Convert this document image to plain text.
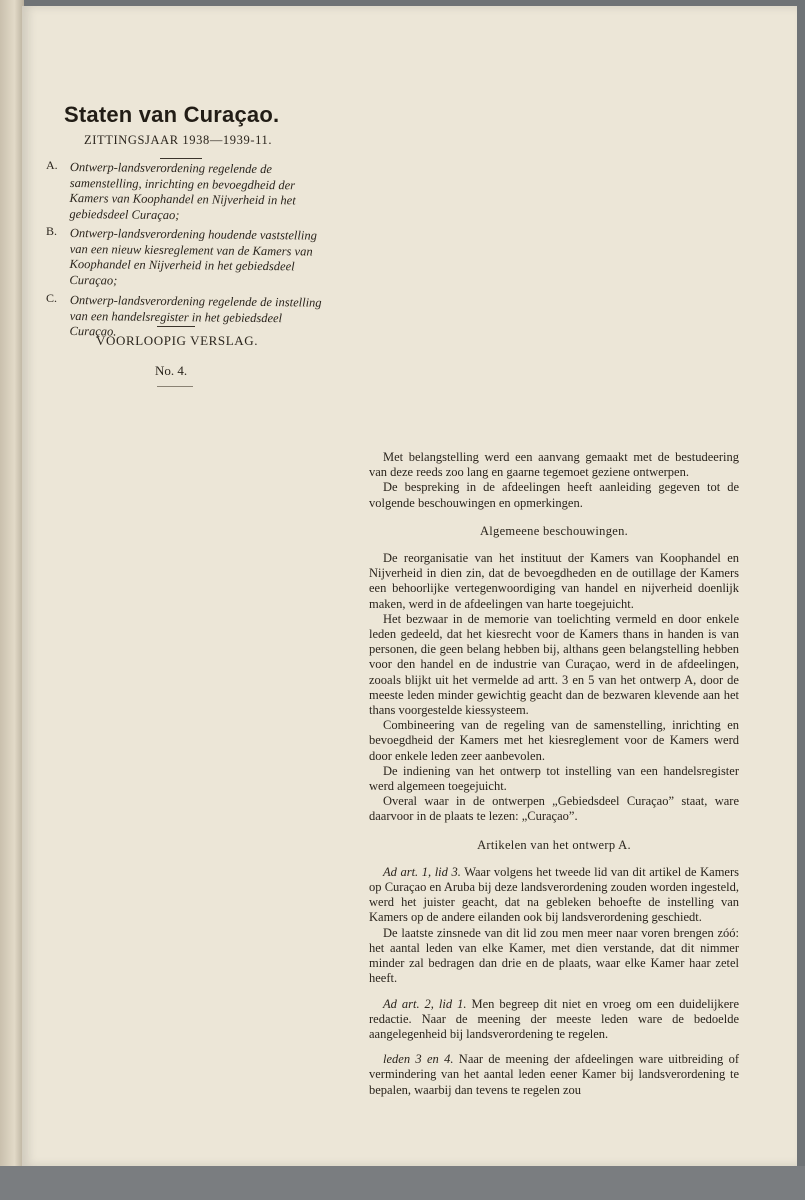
Staten van Curaçao.
ZITTINGSJAAR 1938—1939-11.
A. Ontwerp-landsverordening regelende de samenstelling, inrichting en bevoegdheid der Kamers van Koophandel en Nijverheid in het gebiedsdeel Curaçao;
B. Ontwerp-landsverordening houdende vaststelling van een nieuw kiesreglement van de Kamers van Koophandel en Nijverheid in het gebiedsdeel Curaçao;
C. Ontwerp-landsverordening regelende de instelling van een handelsregister in het gebiedsdeel Curaçao.
VOORLOOPIG VERSLAG.
No. 4.

Met belangstelling werd een aanvang gemaakt met de bestudeering van deze reeds zoo lang en gaarne tegemoet geziene ontwerpen.

De bespreking in de afdeelingen heeft aanleiding gegeven tot de volgende beschouwingen en opmerkingen.

Algemeene beschouwingen.

De reorganisatie van het instituut der Kamers van Koophandel en Nijverheid in dien zin, dat de bevoegdheden en de outillage der Kamers een behoorlijke vertegenwoordiging van handel en nijverheid doenlijk maken, werd in de afdeelingen van harte toegejuicht.

Het bezwaar in de memorie van toelichting vermeld en door enkele leden gedeeld, dat het kiesrecht voor de Kamers thans in handen is van personen, die geen belang hebben bij, althans geen belangstelling hebben voor den handel en de industrie van Curaçao, werd in de afdeelingen, zooals blijkt uit het vermelde ad artt. 3 en 5 van het ontwerp A, door de meeste leden minder gewichtig geacht dan de bezwaren klevende aan het thans voorgestelde kiessysteem.

Combineering van de regeling van de samenstelling, inrichting en bevoegdheid der Kamers met het kiesreglement voor de Kamers werd door enkele leden zeer aanbevolen.

De indiening van het ontwerp tot instelling van een handelsregister werd algemeen toegejuicht.

Overal waar in de ontwerpen „Gebiedsdeel Curaçao” staat, ware daarvoor in de plaats te lezen: „Curaçao”.

Artikelen van het ontwerp A.

Ad art. 1, lid 3. Waar volgens het tweede lid van dit artikel de Kamers op Curaçao en Aruba bij deze landsverordening zouden worden ingesteld, werd het juister geacht, dat na gebleken behoefte de instelling van Kamers op de andere eilanden ook bij landsverordening geschiedt.

De laatste zinsnede van dit lid zou men meer naar voren brengen zóó: het aantal leden van elke Kamer, met dien verstande, dat dit nimmer minder zal bedragen dan drie en de plaats, waar elke Kamer haar zetel heeft.

Ad art. 2, lid 1. Men begreep dit niet en vroeg om een duidelijkere redactie. Naar de meening der meeste leden ware de bedoelde aangelegenheid bij landsverordening te regelen.

leden 3 en 4. Naar de meening der afdeelingen ware uitbreiding of vermindering van het aantal leden eener Kamer bij landsverordening te bepalen, waarbij dan tevens te regelen zou
